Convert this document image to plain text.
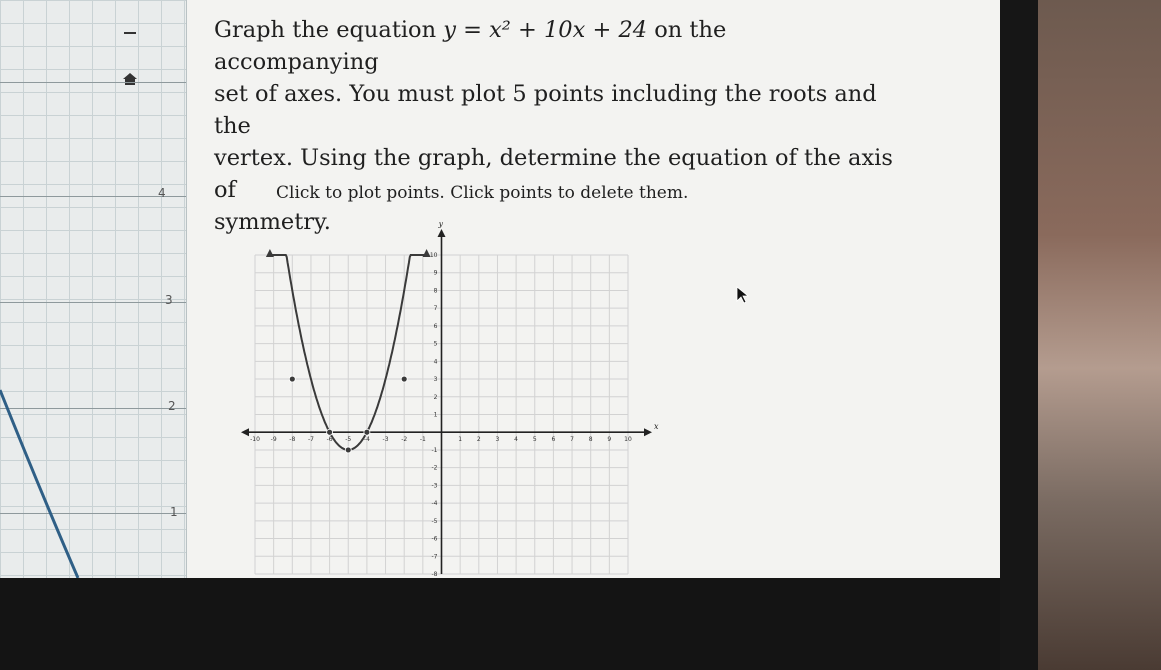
4
3
2
1
Graph the equation y = x² + 10x + 24 on the accompanying
set of axes. You must plot 5 points including the roots and the
vertex. Using the graph, determine the equation of the axis of
symmetry.
Click to plot points. Click points to delete them.
x
y
-10 -9 -8 -7 -6 -5 -4 -3 -2 -1	1 2 3 4 5 6 7 8 9 10
10
9
8
7
6
5
4
3
2
1
-1
-2
-3
-4
-5
-6
-7
-8
